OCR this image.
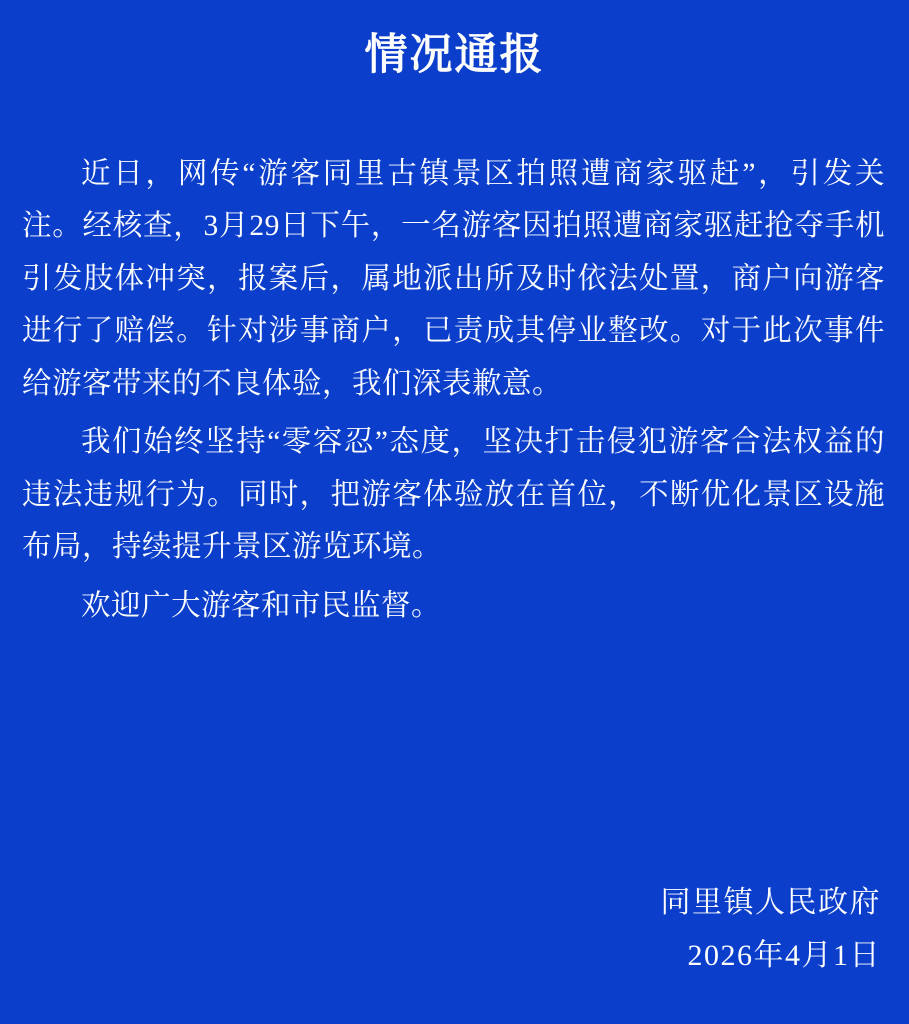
情况通报

近日，网传“游客同里古镇景区拍照遭商家驱赶”，引发关注。经核查，3月29日下午，一名游客因拍照遭商家驱赶抢夺手机引发肢体冲突，报案后，属地派出所及时依法处置，商户向游客进行了赔偿。针对涉事商户，已责成其停业整改。对于此次事件给游客带来的不良体验，我们深表歉意。

我们始终坚持“零容忍”态度，坚决打击侵犯游客合法权益的违法违规行为。同时，把游客体验放在首位，不断优化景区设施布局，持续提升景区游览环境。

欢迎广大游客和市民监督。

同里镇人民政府
2026年4月1日
